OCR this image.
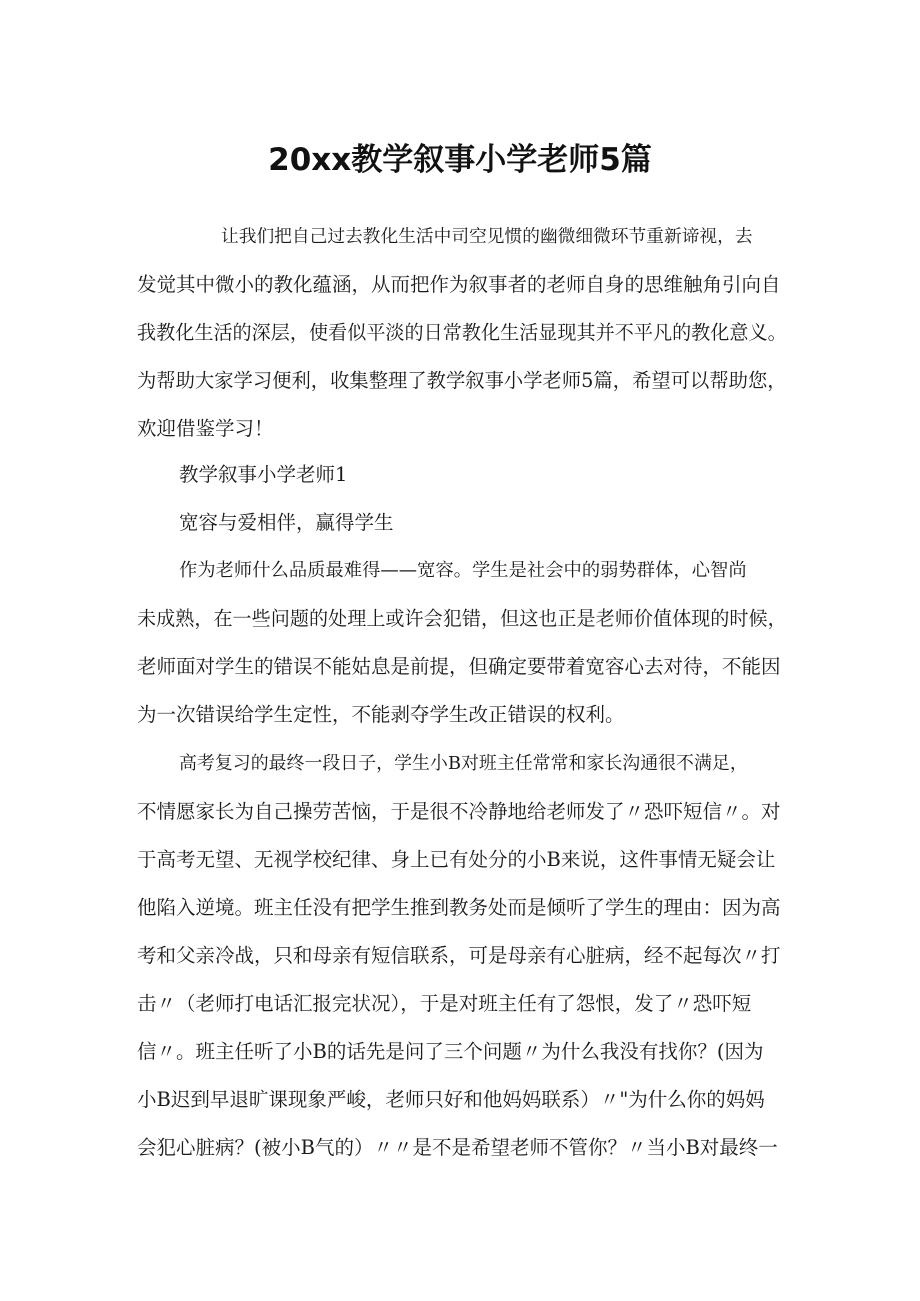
20xx教学叙事小学老师5篇
让我们把自己过去教化生活中司空见惯的幽微细微环节重新谛视，去
发觉其中微小的教化蕴涵，从而把作为叙事者的老师自身的思维触角引向自
我教化生活的深层，使看似平淡的日常教化生活显现其并不平凡的教化意义。
为帮助大家学习便利，收集整理了教学叙事小学老师5篇，希望可以帮助您，
欢迎借鉴学习！
教学叙事小学老师1
宽容与爱相伴，赢得学生
作为老师什么品质最难得——宽容。学生是社会中的弱势群体，心智尚
未成熟，在一些问题的处理上或许会犯错，但这也正是老师价值体现的时候，
老师面对学生的错误不能姑息是前提，但确定要带着宽容心去对待，不能因
为一次错误给学生定性，不能剥夺学生改正错误的权利。
高考复习的最终一段日子，学生小B对班主任常常和家长沟通很不满足，
不情愿家长为自己操劳苦恼，于是很不冷静地给老师发了〃恐吓短信〃。对
于高考无望、无视学校纪律、身上已有处分的小B来说，这件事情无疑会让
他陷入逆境。班主任没有把学生推到教务处而是倾听了学生的理由：因为高
考和父亲冷战，只和母亲有短信联系，可是母亲有心脏病，经不起每次〃打
击〃（老师打电话汇报完状况），于是对班主任有了怨恨，发了〃恐吓短
信〃。班主任听了小B的话先是问了三个问题〃为什么我没有找你？(因为
小B迟到早退旷课现象严峻，老师只好和他妈妈联系）〃"为什么你的妈妈
会犯心脏病？(被小B气的）〃〃是不是希望老师不管你？〃当小B对最终一
